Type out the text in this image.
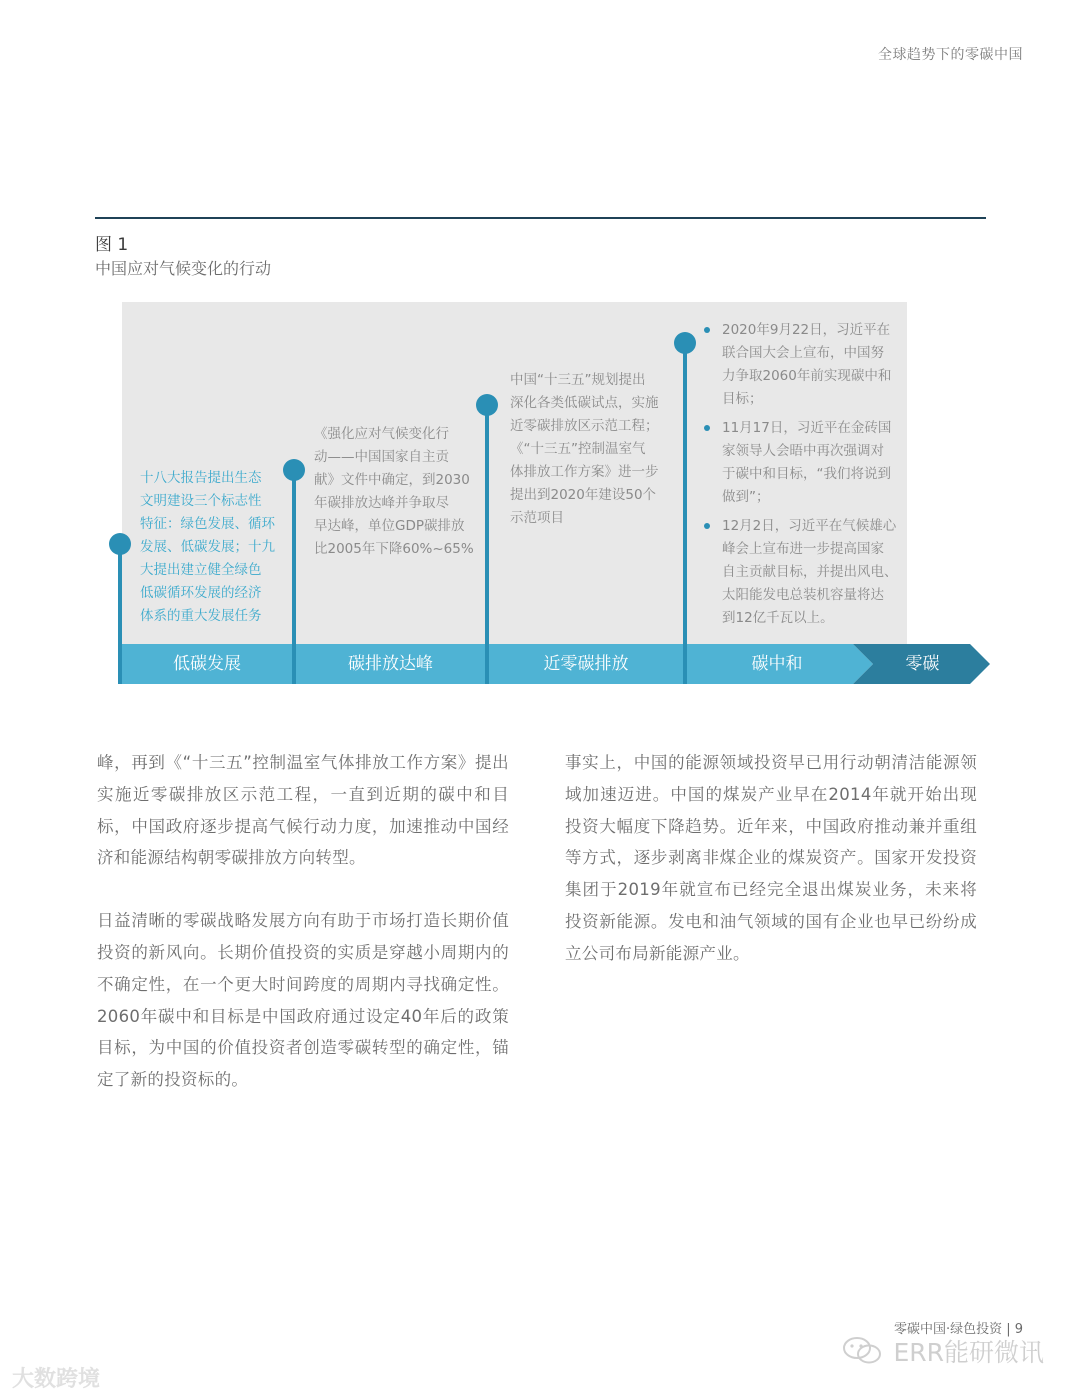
全球趋势下的零碳中国
图 1
中国应对气候变化的行动
十八大报告提出生态
文明建设三个标志性
特征：绿色发展、循环
发展、低碳发展；十九
大提出建立健全绿色
低碳循环发展的经济
体系的重大发展任务
《强化应对气候变化行
动——中国国家自主贡
献》文件中确定，到2030
年碳排放达峰并争取尽
早达峰，单位GDP碳排放
比2005年下降60%~65%
中国“十三五”规划提出
深化各类低碳试点，实施
近零碳排放区示范工程；
《“十三五”控制温室气
体排放工作方案》进一步
提出到2020年建设50个
示范项目
2020年9月22日，习近平在
联合国大会上宣布，中国努
力争取2060年前实现碳中和
目标；
11月17日，习近平在金砖国
家领导人会晤中再次强调对
于碳中和目标，“我们将说到
做到”；
12月2日，习近平在气候雄心
峰会上宣布进一步提高国家
自主贡献目标，并提出风电、
太阳能发电总装机容量将达
到12亿千瓦以上。
低碳发展	碳排放达峰	近零碳排放	碳中和	零碳

峰，再到《“十三五”控制温室气体排放工作方案》提出实施近零碳排放区示范工程，一直到近期的碳中和目标，中国政府逐步提高气候行动力度，加速推动中国经济和能源结构朝零碳排放方向转型。

日益清晰的零碳战略发展方向有助于市场打造长期价值投资的新风向。长期价值投资的实质是穿越小周期内的不确定性，在一个更大时间跨度的周期内寻找确定性。2060年碳中和目标是中国政府通过设定40年后的政策目标，为中国的价值投资者创造零碳转型的确定性，锚定了新的投资标的。

事实上，中国的能源领域投资早已用行动朝清洁能源领域加速迈进。中国的煤炭产业早在2014年就开始出现投资大幅度下降趋势。近年来，中国政府推动兼并重组等方式，逐步剥离非煤企业的煤炭资产。国家开发投资集团于2019年就宣布已经完全退出煤炭业务，未来将投资新能源。发电和油气领域的国有企业也早已纷纷成立公司布局新能源产业。

零碳中国·绿色投资 | 9
ERR能研微讯
大数跨境
